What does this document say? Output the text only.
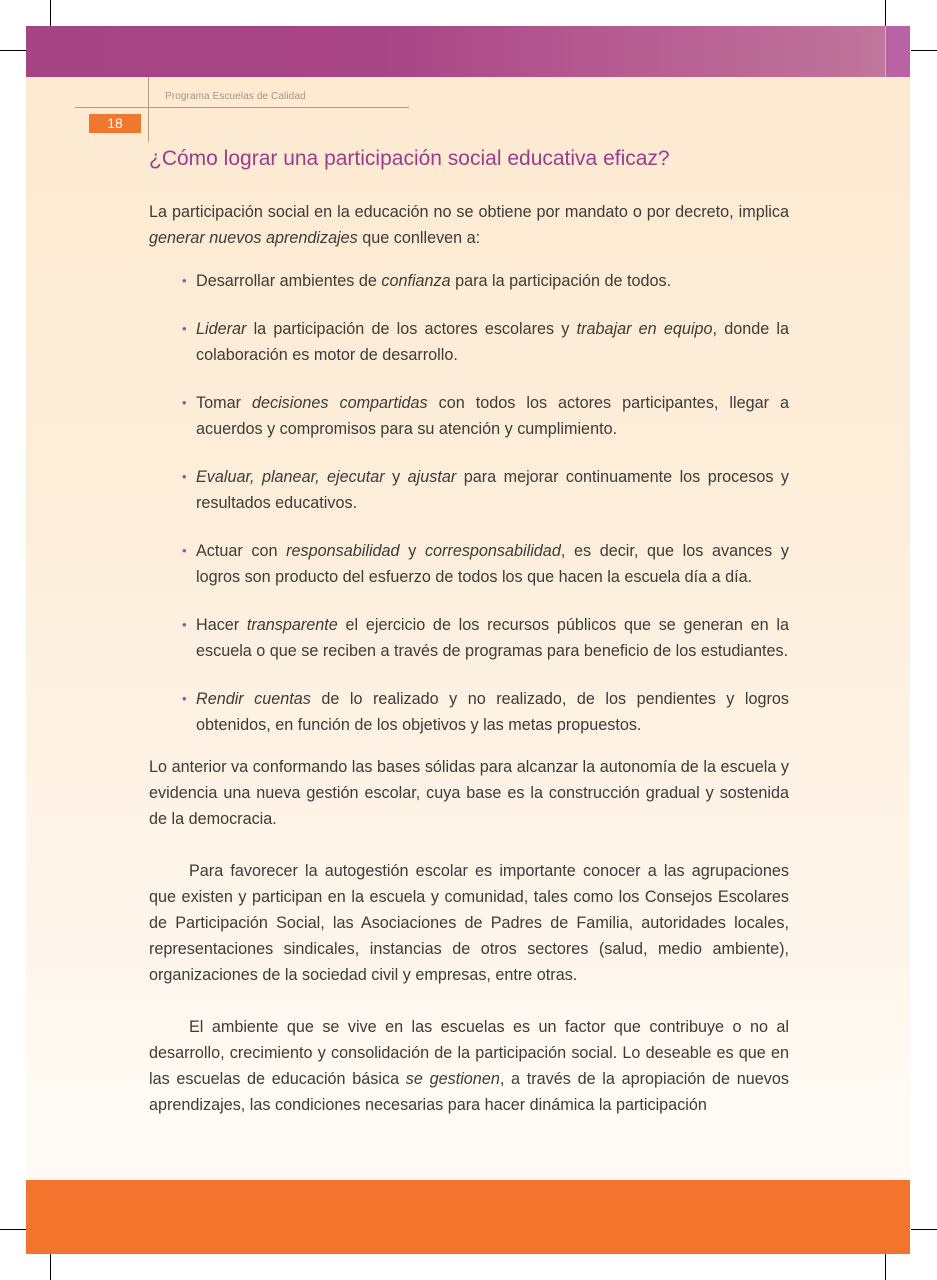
Programa Escuelas de Calidad
18
¿Cómo lograr una participación social educativa eficaz?

La participación social en la educación no se obtiene por mandato o por decreto, implica generar nuevos aprendizajes que conlleven a:

• Desarrollar ambientes de confianza para la participación de todos.
• Liderar la participación de los actores escolares y trabajar en equipo, donde la colaboración es motor de desarrollo.
• Tomar decisiones compartidas con todos los actores participantes, llegar a acuerdos y compromisos para su atención y cumplimiento.
• Evaluar, planear, ejecutar y ajustar para mejorar continuamente los procesos y resultados educativos.
• Actuar con responsabilidad y corresponsabilidad, es decir, que los avances y logros son producto del esfuerzo de todos los que hacen la escuela día a día.
• Hacer transparente el ejercicio de los recursos públicos que se generan en la escuela o que se reciben a través de programas para beneficio de los estudiantes.
• Rendir cuentas de lo realizado y no realizado, de los pendientes y logros obtenidos, en función de los objetivos y las metas propuestos.

Lo anterior va conformando las bases sólidas para alcanzar la autonomía de la escuela y evidencia una nueva gestión escolar, cuya base es la construcción gradual y sostenida de la democracia.

Para favorecer la autogestión escolar es importante conocer a las agrupaciones que existen y participan en la escuela y comunidad, tales como los Consejos Escolares de Participación Social, las Asociaciones de Padres de Familia, autoridades locales, representaciones sindicales, instancias de otros sectores (salud, medio ambiente), organizaciones de la sociedad civil y empresas, entre otras.

El ambiente que se vive en las escuelas es un factor que contribuye o no al desarrollo, crecimiento y consolidación de la participación social. Lo deseable es que en las escuelas de educación básica se gestionen, a través de la apropiación de nuevos aprendizajes, las condiciones necesarias para hacer dinámica la participación
